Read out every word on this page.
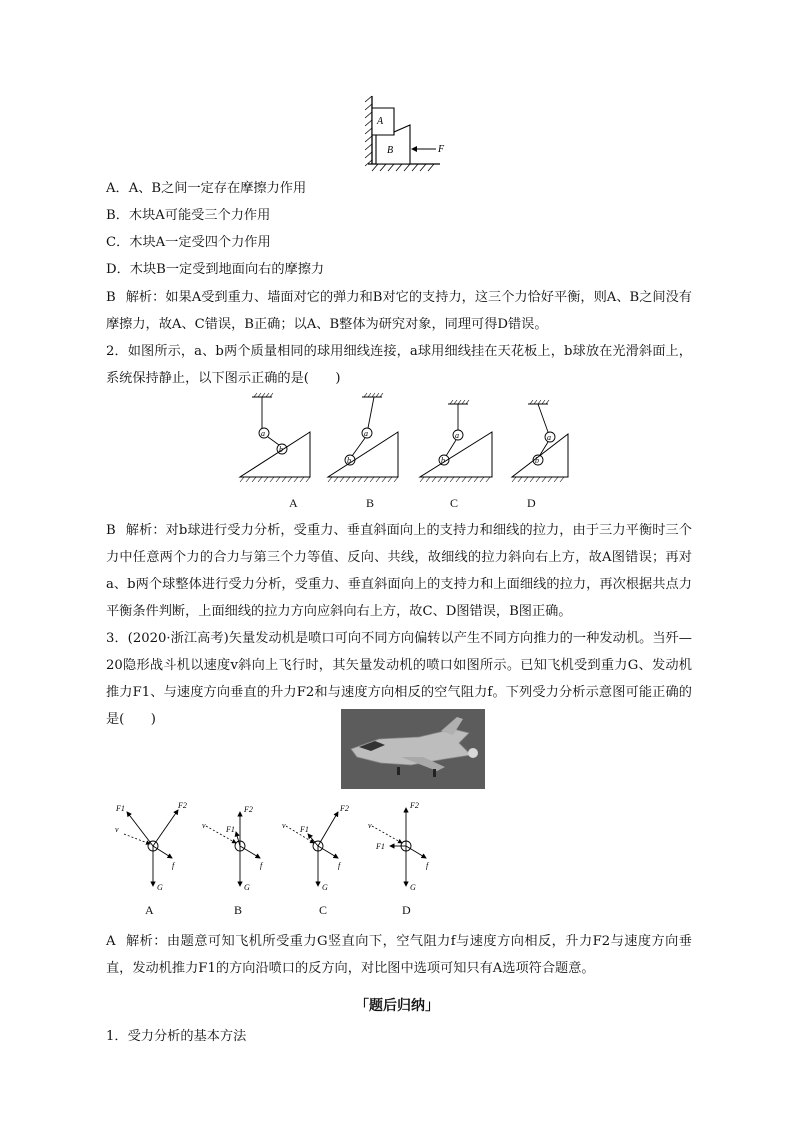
A
B	F
A．A、B之间一定存在摩擦力作用
B．木块A可能受三个力作用
C．木块A一定受四个力作用
D．木块B一定受到地面向右的摩擦力
B 解析：如果A受到重力、墙面对它的弹力和B对它的支持力，这三个力恰好平衡，则A、B之间没有摩擦力，故A、C错误，B正确；以A、B整体为研究对象，同理可得D错误。
2．如图所示，a、b两个质量相同的球用细线连接，a球用细线挂在天花板上，b球放在光滑斜面上，系统保持静止，以下图示正确的是(　　)
a
b
a
b
a
b
a
b
A	B	C	D
B 解析：对b球进行受力分析，受重力、垂直斜面向上的支持力和细线的拉力，由于三力平衡时三个力中任意两个力的合力与第三个力等值、反向、共线，故细线的拉力斜向右上方，故A图错误；再对a、b两个球整体进行受力分析，受重力、垂直斜面向上的支持力和上面细线的拉力，再次根据共点力平衡条件判断，上面细线的拉力方向应斜向右上方，故C、D图错误，B图正确。
3．(2020·浙江高考)矢量发动机是喷口可向不同方向偏转以产生不同方向推力的一种发动机。当歼—20隐形战斗机以速度v斜向上飞行时，其矢量发动机的喷口如图所示。已知飞机受到重力G、发动机推力F1、与速度方向垂直的升力F2和与速度方向相反的空气阻力f。下列受力分析示意图可能正确的是(　　)
F1	F2
v
f
G
F2
F1
v
f
G
F2
F1
v
f
G
F2
F1
v
f
G
A	B	C	D
A 解析：由题意可知飞机所受重力G竖直向下，空气阻力f与速度方向相反，升力F2与速度方向垂直，发动机推力F1的方向沿喷口的反方向，对比图中选项可知只有A选项符合题意。
「题后归纳」
1．受力分析的基本方法
